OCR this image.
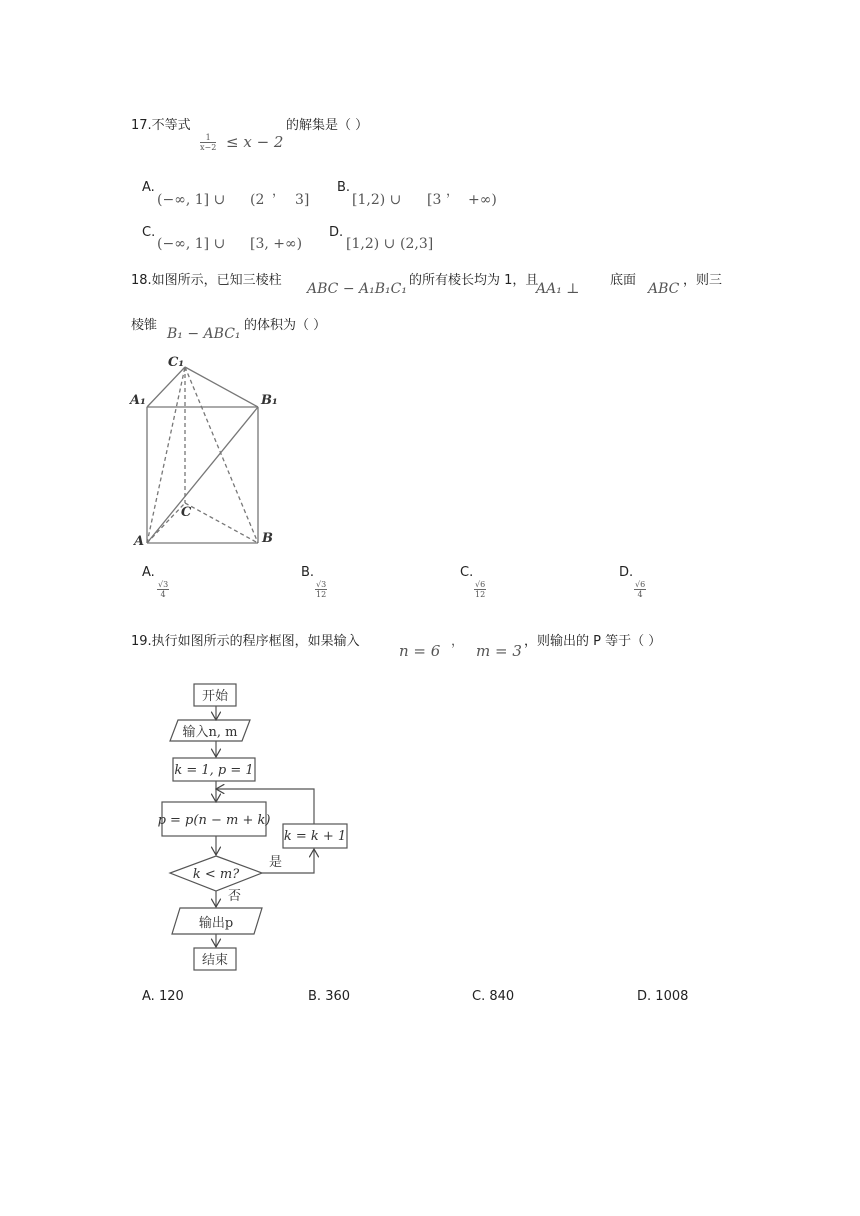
17.不等式	的解集是（ ）
$\frac{1}{x-2} \le x - 2$
A.
(−∞, 1] ∪ (2
，
3]
B.
[1,2) ∪ [3
，
+∞)
C.
(−∞, 1] ∪ [3, +∞)
D.
[1,2) ∪ (2,3]
18.如图所示，已知三棱柱
ABC − A₁B₁C₁
的所有棱长均为 1，且
AA₁ ⊥
底面
ABC
，则三
棱锥
B₁ − ABC₁
的体积为（ ）
C₁
A₁	B₁
C
A	B
A.
$\frac{√3}{4}$
B.
$\frac{√3}{12}$
C.
$\frac{√6}{12}$
D.
$\frac{√6}{4}$
19.执行如图所示的程序框图，如果输入
n = 6
，
m = 3
，则输出的 P 等于（ ）
开始
输入n, m
k = 1, p = 1
p = p(n − m + k)
k = k + 1
k < m?
是
否
输出p
结束
A. 120	B. 360	C. 840	D. 1008
